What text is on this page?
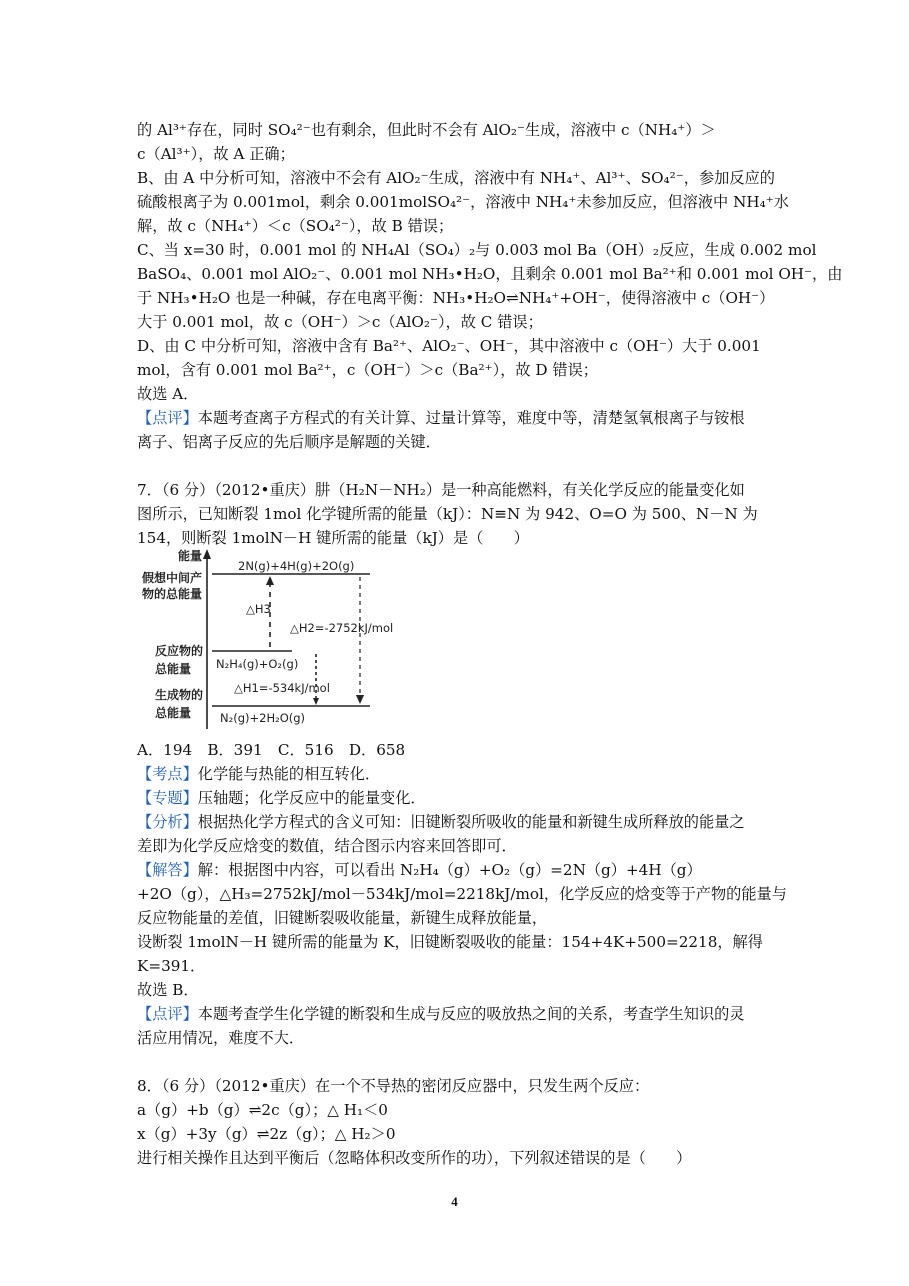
的 Al³⁺存在，同时 SO₄²⁻也有剩余，但此时不会有 AlO₂⁻生成，溶液中 c（NH₄⁺）＞
c（Al³⁺），故 A 正确；
B、由 A 中分析可知，溶液中不会有 AlO₂⁻生成，溶液中有 NH₄⁺、Al³⁺、SO₄²⁻，参加反应的
硫酸根离子为 0.001mol，剩余 0.001molSO₄²⁻，溶液中 NH₄⁺未参加反应，但溶液中 NH₄⁺水
解，故 c（NH₄⁺）＜c（SO₄²⁻），故 B 错误；
C、当 x=30 时，0.001 mol 的 NH₄Al（SO₄）₂与 0.003 mol Ba（OH）₂反应，生成 0.002 mol
BaSO₄、0.001 mol AlO₂⁻、0.001 mol NH₃•H₂O，且剩余 0.001 mol Ba²⁺和 0.001 mol OH⁻，由
于 NH₃•H₂O 也是一种碱，存在电离平衡：NH₃•H₂O⇌NH₄⁺+OH⁻，使得溶液中 c（OH⁻）
大于 0.001 mol，故 c（OH⁻）＞c（AlO₂⁻），故 C 错误；
D、由 C 中分析可知，溶液中含有 Ba²⁺、AlO₂⁻、OH⁻，其中溶液中 c（OH⁻）大于 0.001
mol，含有 0.001 mol Ba²⁺，c（OH⁻）＞c（Ba²⁺），故 D 错误；
故选 A．
【点评】本题考查离子方程式的有关计算、过量计算等，难度中等，清楚氢氧根离子与铵根
离子、铝离子反应的先后顺序是解题的关键．
7．（6 分）（2012•重庆）肼（H₂N－NH₂）是一种高能燃料，有关化学反应的能量变化如
图所示，已知断裂 1mol 化学键所需的能量（kJ）：N≡N 为 942、O=O 为 500、N－N 为
154，则断裂 1molN－H 键所需的能量（kJ）是（　　）
能量
假想中间产
物的总能量
反应物的
总能量
生成物的
总能量
2N(g)+4H(g)+2O(g)
N₂H₄(g)+O₂(g)
N₂(g)+2H₂O(g)
△H3
△H2=-2752kJ/mol
△H1=-534kJ/mol
A．194　B．391　C．516　D．658
【考点】化学能与热能的相互转化．
【专题】压轴题；化学反应中的能量变化．
【分析】根据热化学方程式的含义可知：旧键断裂所吸收的能量和新键生成所释放的能量之
差即为化学反应焓变的数值，结合图示内容来回答即可．
【解答】解：根据图中内容，可以看出 N₂H₄（g）+O₂（g）=2N（g）+4H（g）
+2O（g），△H₃=2752kJ/mol－534kJ/mol=2218kJ/mol，化学反应的焓变等于产物的能量与
反应物能量的差值，旧键断裂吸收能量，新键生成释放能量，
设断裂 1molN－H 键所需的能量为 K，旧键断裂吸收的能量：154+4K+500=2218，解得
K=391．
故选 B．
【点评】本题考查学生化学键的断裂和生成与反应的吸放热之间的关系，考查学生知识的灵
活应用情况，难度不大．
8．（6 分）（2012•重庆）在一个不导热的密闭反应器中，只发生两个反应：
a（g）+b（g）⇌2c（g）；△ H₁＜0
x（g）+3y（g）⇌2z（g）；△ H₂＞0
进行相关操作且达到平衡后（忽略体积改变所作的功），下列叙述错误的是（　　）
4
